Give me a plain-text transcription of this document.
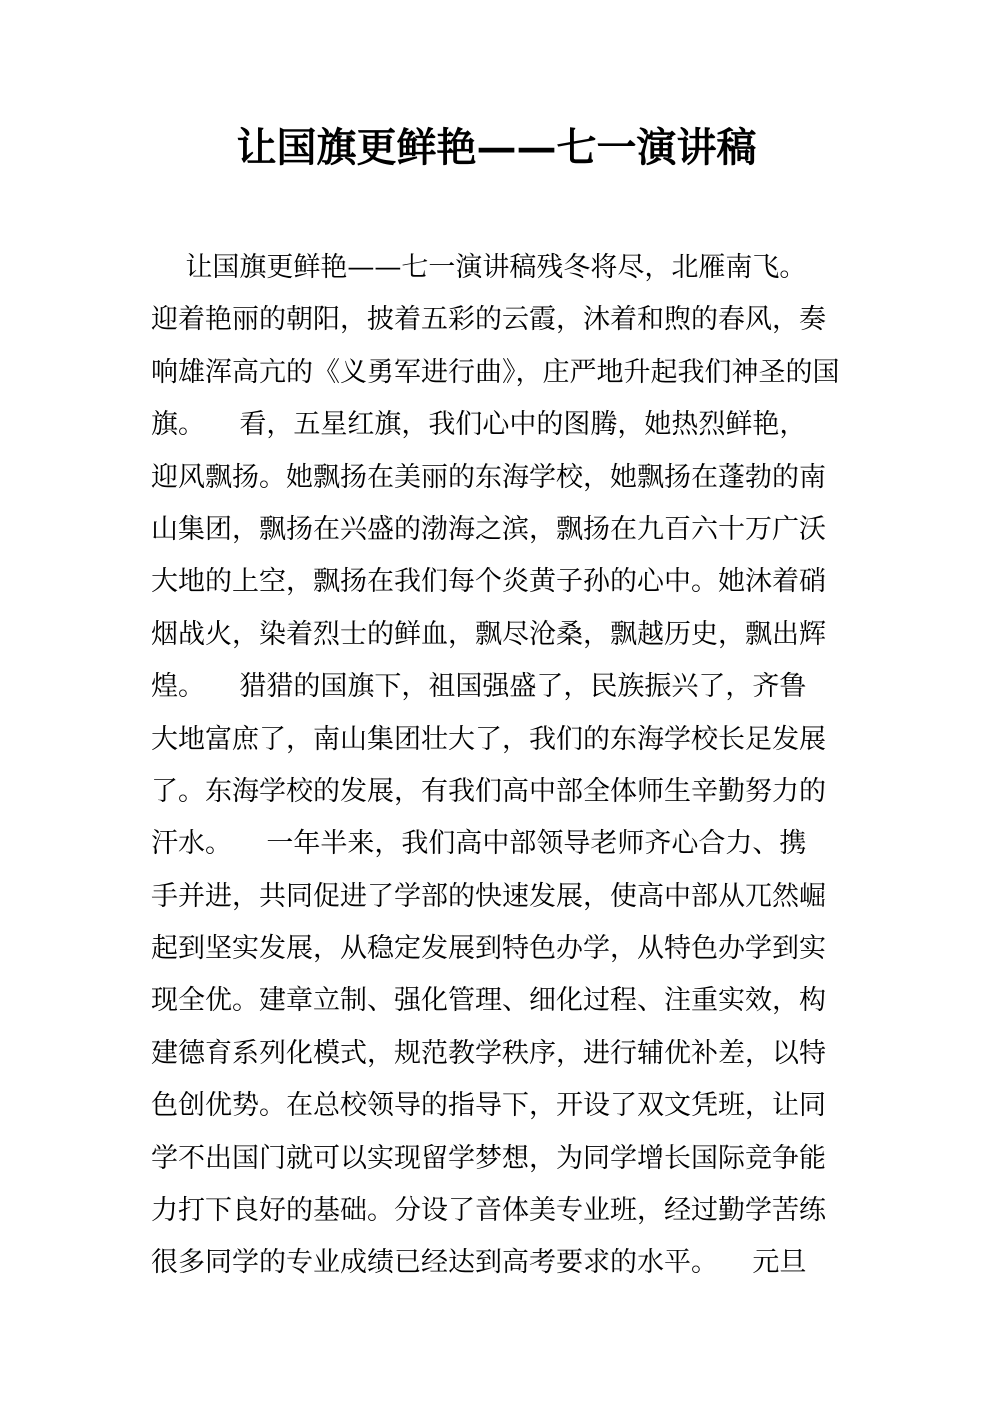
让国旗更鲜艳——七一演讲稿
让国旗更鲜艳——七一演讲稿残冬将尽，北雁南飞。
迎着艳丽的朝阳，披着五彩的云霞，沐着和煦的春风，奏
响雄浑高亢的《义勇军进行曲》，庄严地升起我们神圣的国
旗。    看，五星红旗，我们心中的图腾，她热烈鲜艳，
迎风飘扬。她飘扬在美丽的东海学校，她飘扬在蓬勃的南
山集团，飘扬在兴盛的渤海之滨，飘扬在九百六十万广沃
大地的上空，飘扬在我们每个炎黄子孙的心中。她沐着硝
烟战火，染着烈士的鲜血，飘尽沧桑，飘越历史，飘出辉
煌。    猎猎的国旗下，祖国强盛了，民族振兴了，齐鲁
大地富庶了，南山集团壮大了，我们的东海学校长足发展
了。东海学校的发展，有我们高中部全体师生辛勤努力的
汗水。    一年半来，我们高中部领导老师齐心合力、携
手并进，共同促进了学部的快速发展，使高中部从兀然崛
起到坚实发展，从稳定发展到特色办学，从特色办学到实
现全优。建章立制、强化管理、细化过程、注重实效，构
建德育系列化模式，规范教学秩序，进行辅优补差，以特
色创优势。在总校领导的指导下，开设了双文凭班，让同
学不出国门就可以实现留学梦想，为同学增长国际竞争能
力打下良好的基础。分设了音体美专业班，经过勤学苦练
很多同学的专业成绩已经达到高考要求的水平。    元旦
